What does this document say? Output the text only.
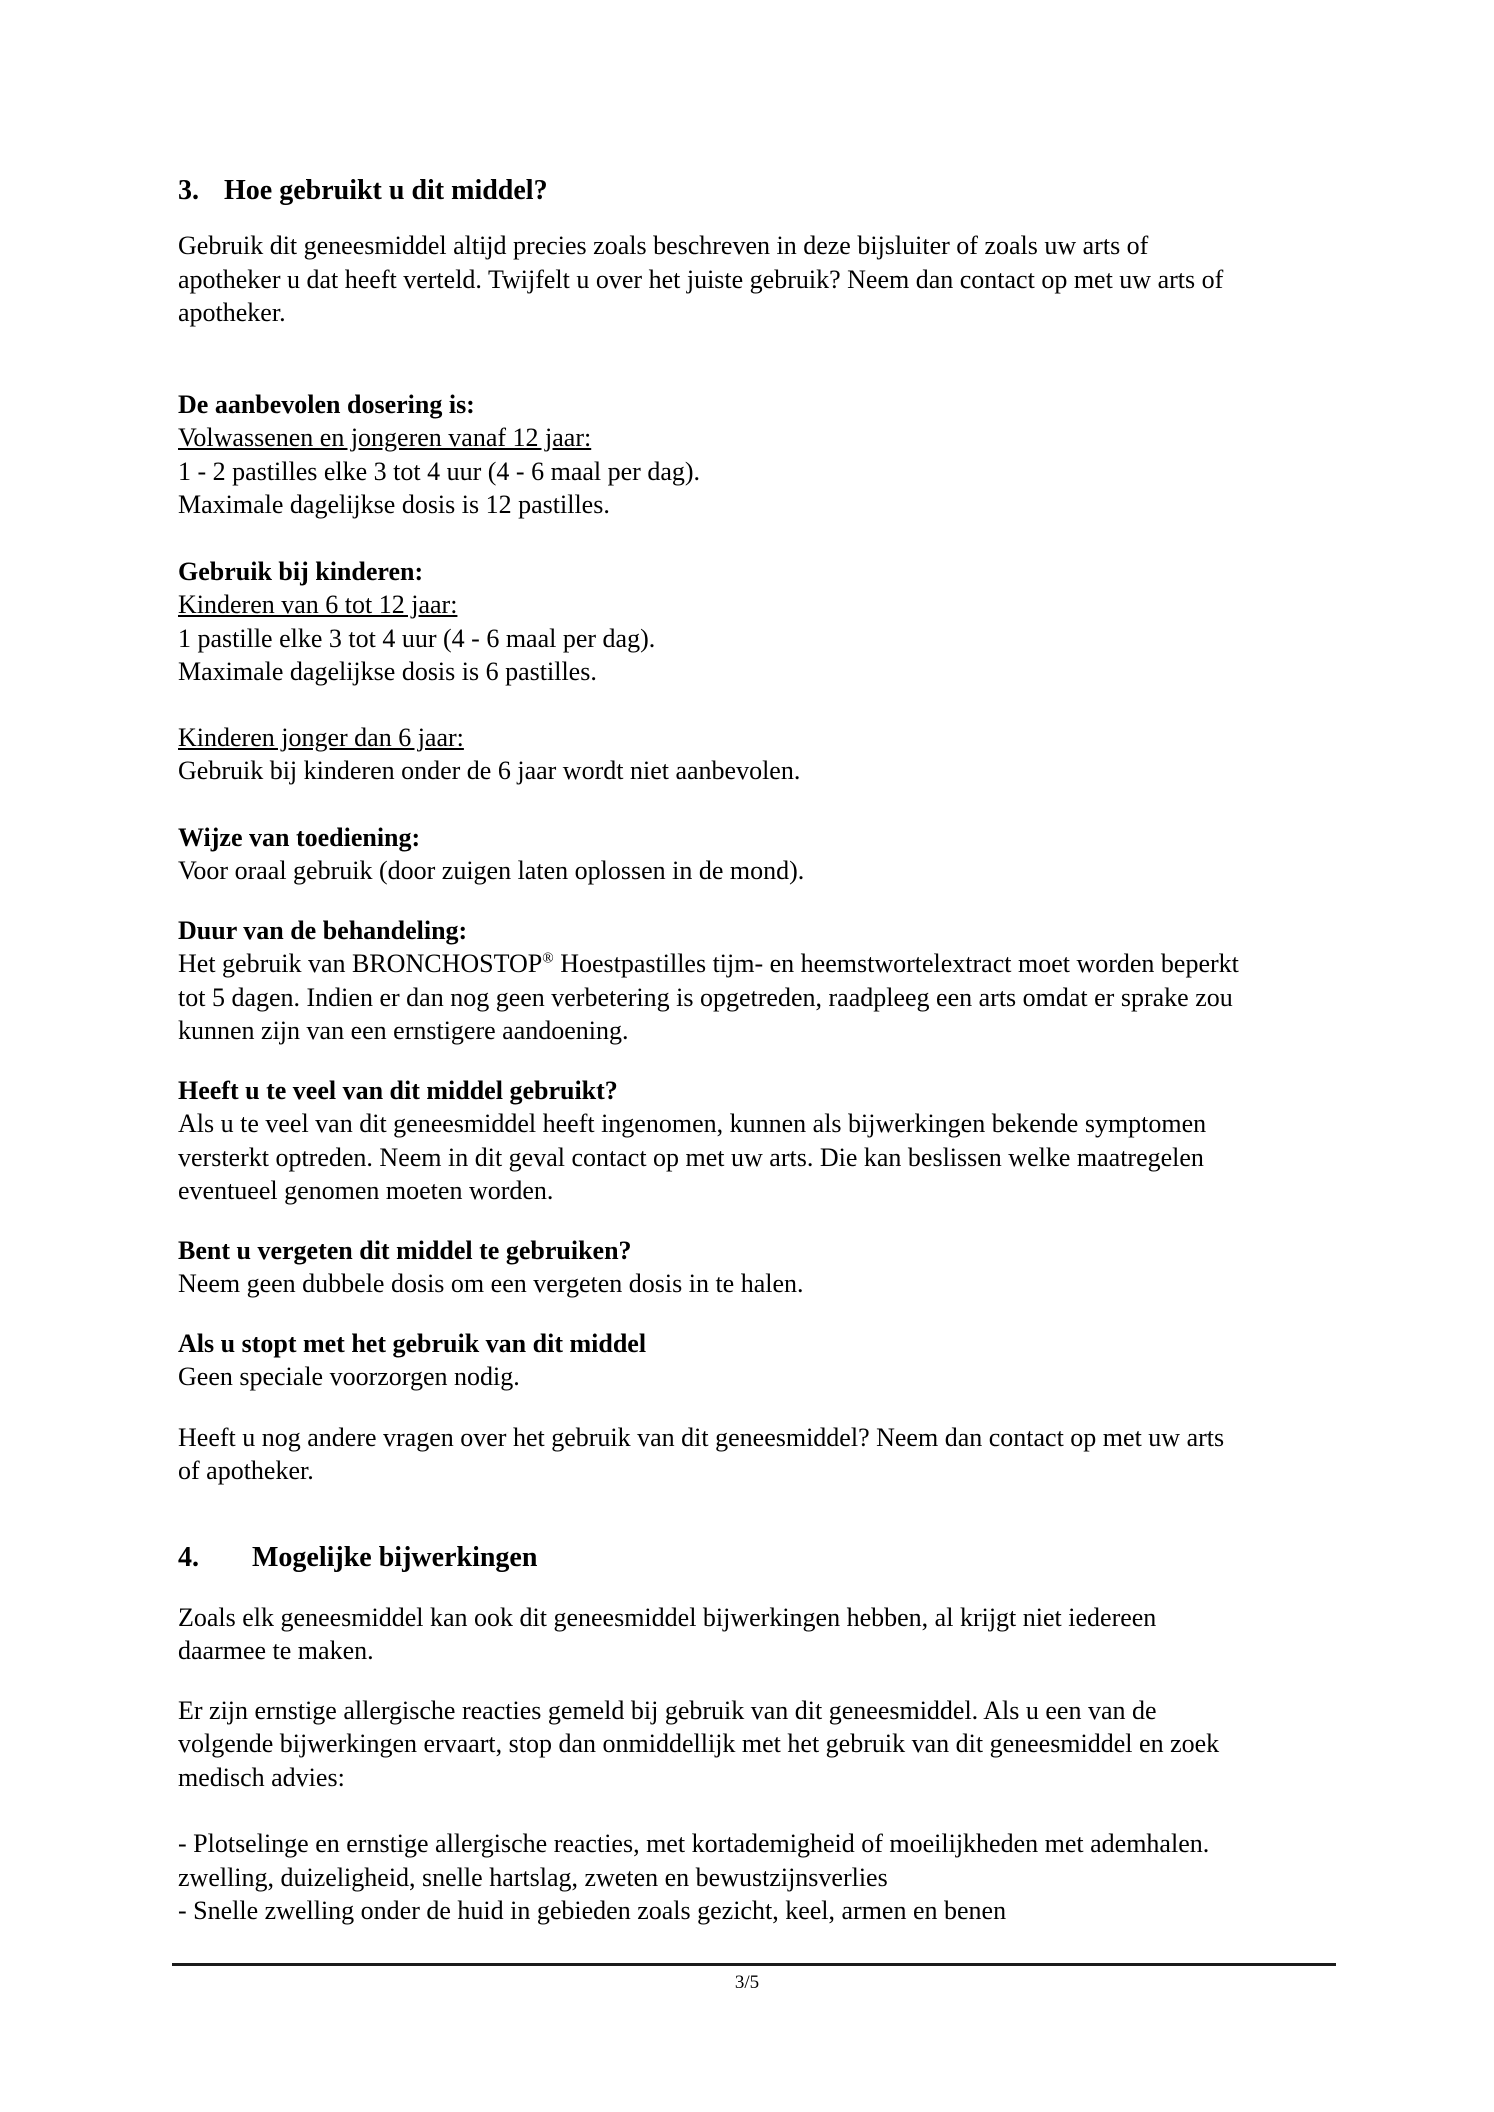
3. Hoe gebruikt u dit middel?
Gebruik dit geneesmiddel altijd precies zoals beschreven in deze bijsluiter of zoals uw arts of
apotheker u dat heeft verteld. Twijfelt u over het juiste gebruik? Neem dan contact op met uw arts of
apotheker.
De aanbevolen dosering is:
Volwassenen en jongeren vanaf 12 jaar:
1 - 2 pastilles elke 3 tot 4 uur (4 - 6 maal per dag).
Maximale dagelijkse dosis is 12 pastilles.
Gebruik bij kinderen:
Kinderen van 6 tot 12 jaar:
1 pastille elke 3 tot 4 uur (4 - 6 maal per dag).
Maximale dagelijkse dosis is 6 pastilles.
Kinderen jonger dan 6 jaar:
Gebruik bij kinderen onder de 6 jaar wordt niet aanbevolen.
Wijze van toediening:
Voor oraal gebruik (door zuigen laten oplossen in de mond).
Duur van de behandeling:
Het gebruik van BRONCHOSTOP® Hoestpastilles tijm- en heemstwortelextract moet worden beperkt
tot 5 dagen. Indien er dan nog geen verbetering is opgetreden, raadpleeg een arts omdat er sprake zou
kunnen zijn van een ernstigere aandoening.
Heeft u te veel van dit middel gebruikt?
Als u te veel van dit geneesmiddel heeft ingenomen, kunnen als bijwerkingen bekende symptomen
versterkt optreden. Neem in dit geval contact op met uw arts. Die kan beslissen welke maatregelen
eventueel genomen moeten worden.
Bent u vergeten dit middel te gebruiken?
Neem geen dubbele dosis om een vergeten dosis in te halen.
Als u stopt met het gebruik van dit middel
Geen speciale voorzorgen nodig.
Heeft u nog andere vragen over het gebruik van dit geneesmiddel? Neem dan contact op met uw arts
of apotheker.
4. Mogelijke bijwerkingen
Zoals elk geneesmiddel kan ook dit geneesmiddel bijwerkingen hebben, al krijgt niet iedereen
daarmee te maken.
Er zijn ernstige allergische reacties gemeld bij gebruik van dit geneesmiddel. Als u een van de
volgende bijwerkingen ervaart, stop dan onmiddellijk met het gebruik van dit geneesmiddel en zoek
medisch advies:
- Plotselinge en ernstige allergische reacties, met kortademigheid of moeilijkheden met ademhalen.
zwelling, duizeligheid, snelle hartslag, zweten en bewustzijnsverlies
- Snelle zwelling onder de huid in gebieden zoals gezicht, keel, armen en benen
3/5
